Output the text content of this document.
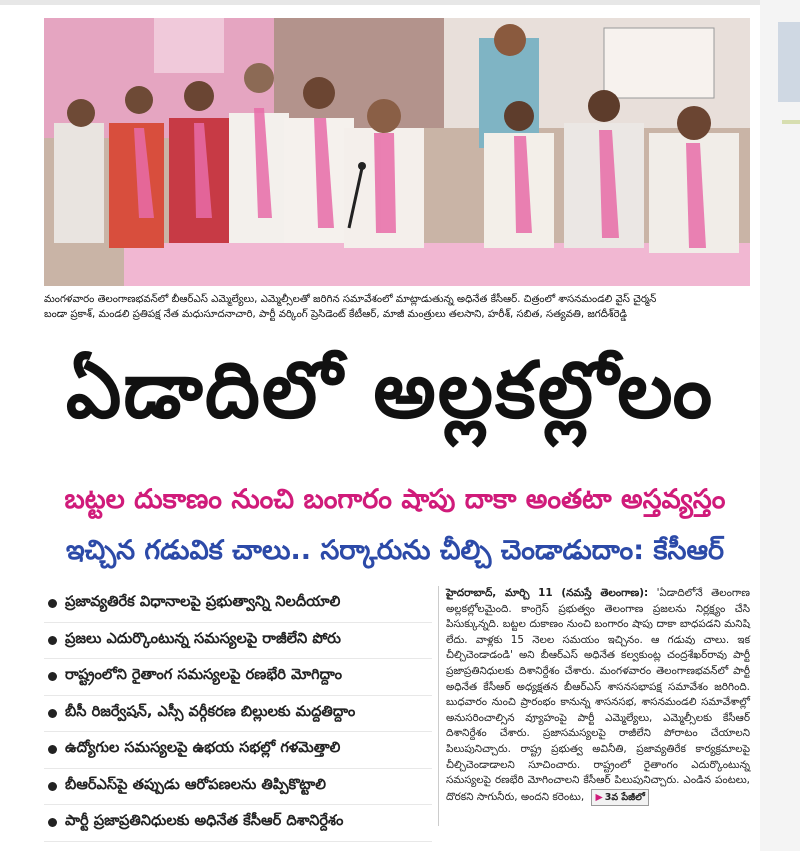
మంగళవారం తెలంగాణభవన్‌లో బీఆర్‌ఎస్ ఎమ్మెల్యేలు, ఎమ్మెల్సీలతో జరిగిన సమావేశంలో మాట్లాడుతున్న అధినేత కేసీఆర్. చిత్రంలో శాసనమండలి వైస్ చైర్మన్
బండా ప్రకాశ్, మండలి ప్రతిపక్ష నేత మధుసూదనాచారి, పార్టీ వర్కింగ్ ప్రెసిడెంట్ కేటీఆర్, మాజీ మంత్రులు తలసాని, హరీశ్, సబిత, సత్యవతి, జగదీశ్‌రెడ్డి
ఏడాదిలో అల్లకల్లోలం
బట్టల దుకాణం నుంచి బంగారం షాపు దాకా అంతటా అస్తవ్యస్తం
ఇచ్చిన గడువిక చాలు.. సర్కారును చీల్చి చెండాడుదాం: కేసీఆర్
ప్రజావ్యతిరేక విధానాలపై ప్రభుత్వాన్ని నిలదీయాలి
ప్రజలు ఎదుర్కొంటున్న సమస్యలపై రాజీలేని పోరు
రాష్ట్రంలోని రైతాంగ సమస్యలపై రణభేరి మోగిద్దాం
బీసీ రిజర్వేషన్, ఎస్సీ వర్గీకరణ బిల్లులకు మద్దతిద్దాం
ఉద్యోగుల సమస్యలపై ఉభయ సభల్లో గళమెత్తాలి
బీఆర్‌ఎస్‌పై తప్పుడు ఆరోపణలను తిప్పికొట్టాలి
పార్టీ ప్రజాప్రతినిధులకు అధినేత కేసీఆర్ దిశానిర్దేశం
హైదరాబాద్, మార్చి 11 (నమస్తే తెలంగాణ): 'ఏడాదిలోనే తెలంగాణ అల్లకల్లోలమైంది. కాంగ్రెస్ ప్రభుత్వం తెలంగాణ ప్రజలను నిర్లక్ష్యం చేసి పిసుక్కున్నది. బట్టల దుకాణం నుంచి బంగారం షాపు దాకా బాధపడని మనిషి లేదు. వాళ్లకు 15 నెలల సమయం ఇచ్చినం. ఆ గడువు చాలు. ఇక చీల్చిచెండాడండి' అని బీఆర్‌ఎస్ అధినేత కల్వకుంట్ల చంద్రశేఖర్‌రావు పార్టీ ప్రజాప్రతినిధులకు దిశానిర్దేశం చేశారు. మంగళవారం తెలంగాణభవన్‌లో పార్టీ అధినేత కేసీఆర్ అధ్యక్షతన బీఆర్‌ఎస్ శాసనసభాపక్ష సమావేశం జరిగింది. బుధవారం నుంచి ప్రారంభం కానున్న శాసనసభ, శాసనమండలి సమావేశాల్లో అనుసరించాల్సిన వ్యూహంపై పార్టీ ఎమ్మెల్యేలు, ఎమ్మెల్సీలకు కేసీఆర్ దిశానిర్దేశం చేశారు. ప్రజాసమస్యలపై రాజీలేని పోరాటం చేయాలని పిలుపునిచ్చారు. రాష్ట్ర ప్రభుత్వ అవినీతి, ప్రజావ్యతిరేక కార్యక్రమాలపై చీల్చిచెండాడాలని సూచించారు. రాష్ట్రంలో రైతాంగం ఎదుర్కొంటున్న సమస్యలపై రణభేరి మోగించాలని కేసీఆర్ పిలుపునిచ్చారు. ఎండిన పంటలు, దొరకని సాగునీరు, అందని కరెంటు, ▶ 3వ పేజీలో
